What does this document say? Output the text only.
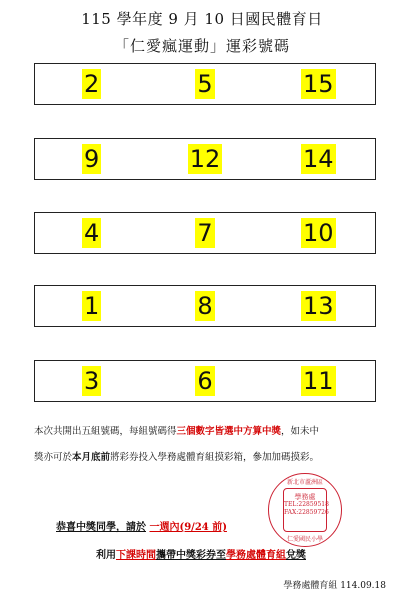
115 學年度 9 月 10 日國民體育日
「仁愛瘋運動」運彩號碼
2	5	15
9	12	14
4	7	10
1	8	13
3	6	11
本次共開出五組號碼，每組號碼得三個數字皆選中方算中獎，如未中
獎亦可於本月底前將彩券投入學務處體育組摸彩箱，參加加碼摸彩。
新北市蘆洲區
學務處
TEL:22859518
FAX:22859726
仁愛國民小學
恭喜中獎同學，請於 一週內(9/24 前)
利用下課時間攜帶中獎彩券至學務處體育組兌獎
學務處體育組 114.09.18
